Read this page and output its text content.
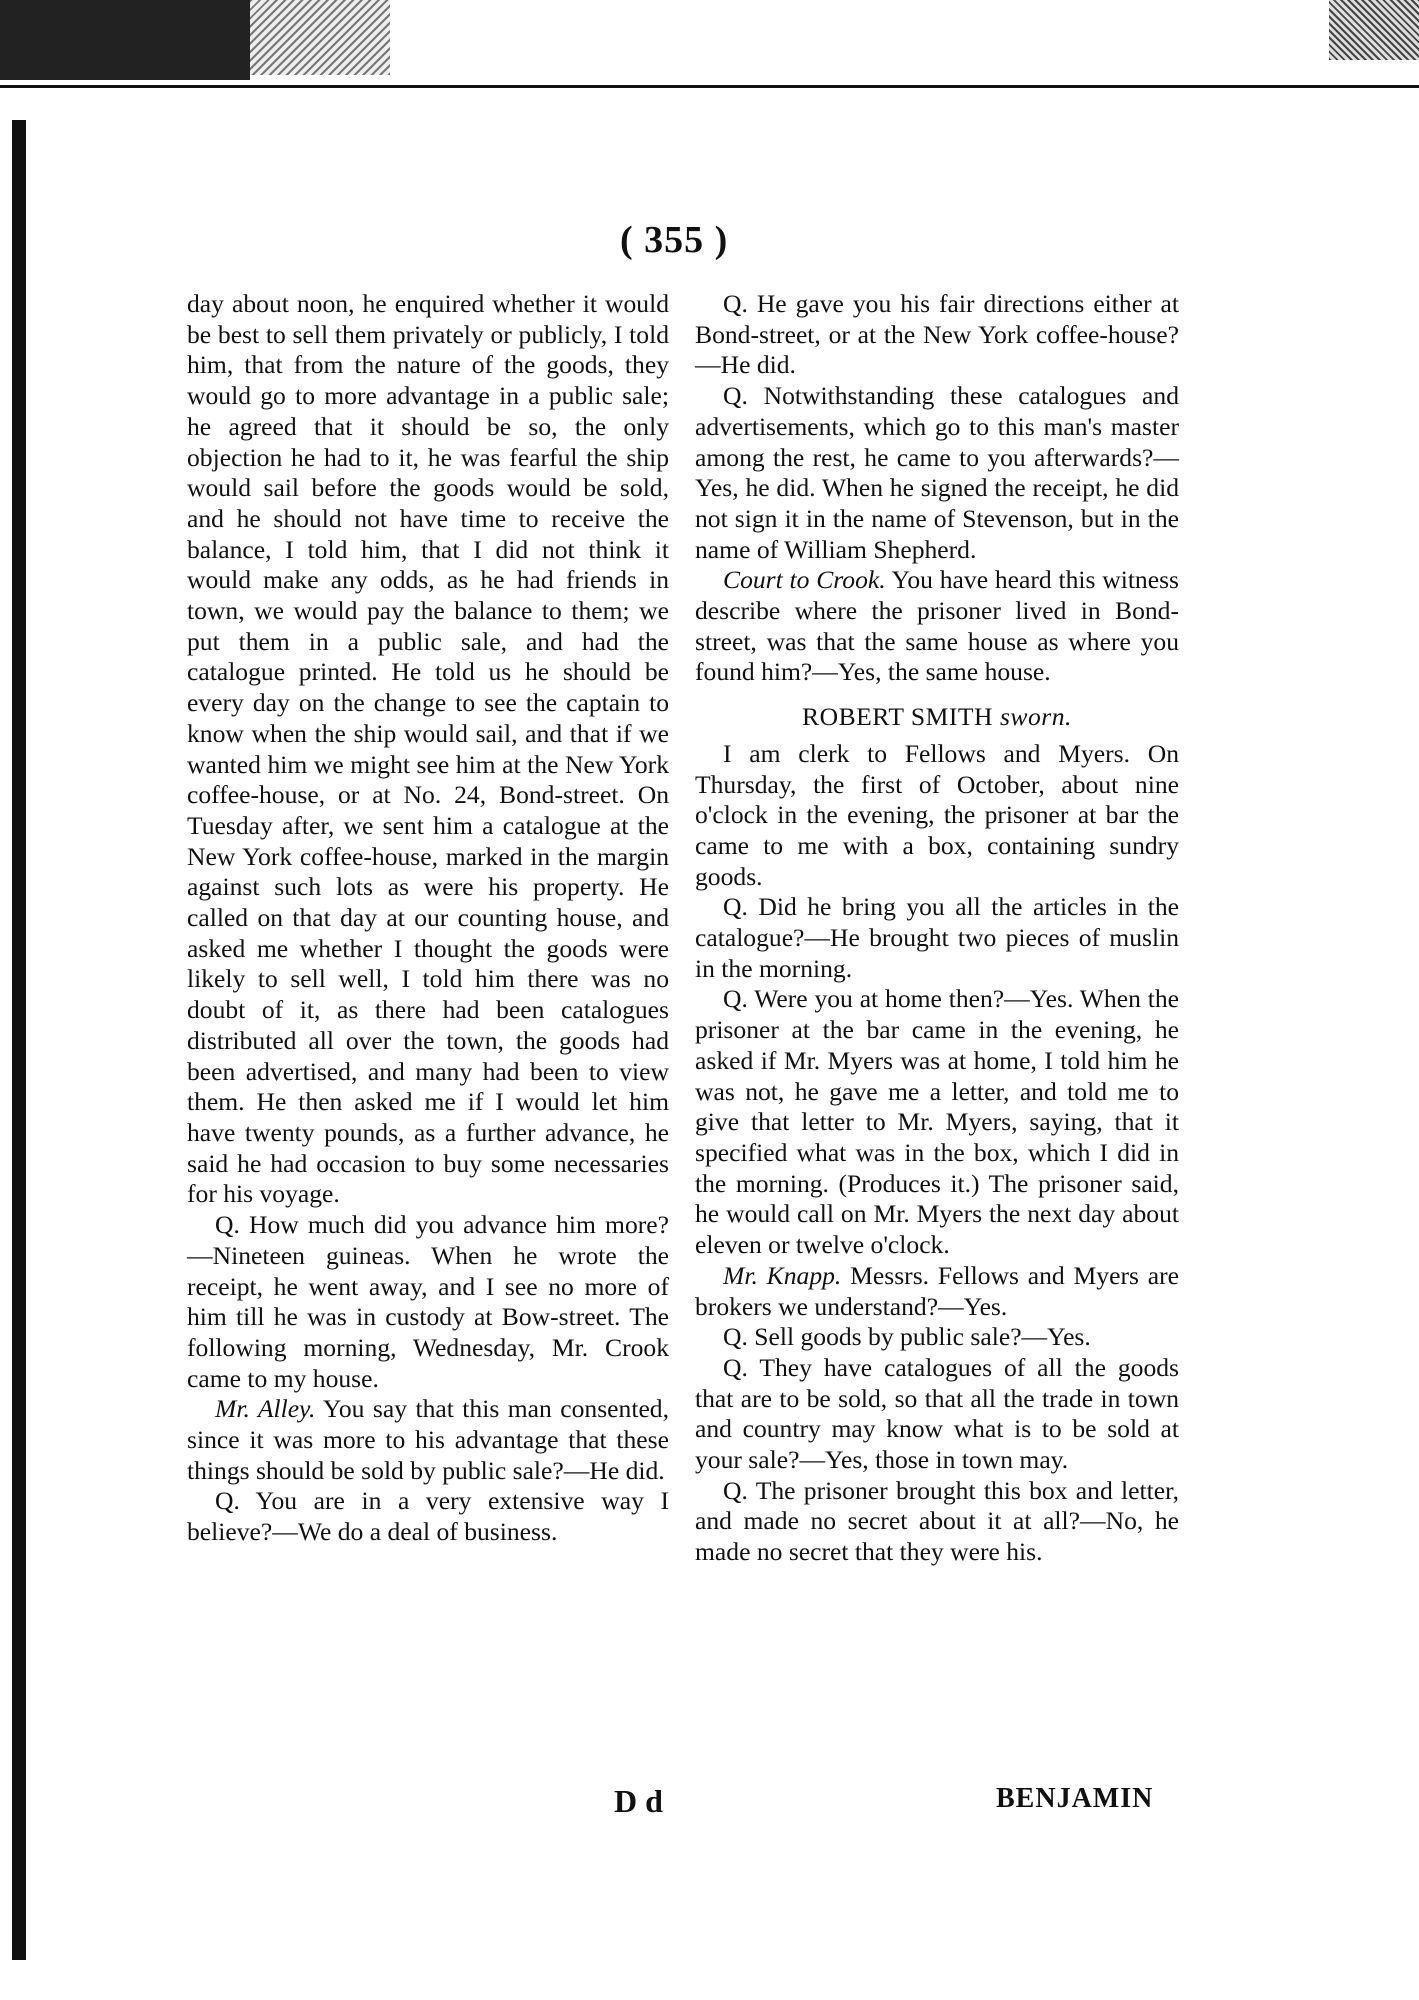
( 355 )

day about noon, he enquired whether it would be best to sell them privately or publicly, I told him, that from the nature of the goods, they would go to more advantage in a public sale; he agreed that it should be so, the only objection he had to it, he was fearful the ship would sail before the goods would be sold, and he should not have time to receive the balance, I told him, that I did not think it would make any odds, as he had friends in town, we would pay the balance to them; we put them in a public sale, and had the catalogue printed. He told us he should be every day on the change to see the captain to know when the ship would sail, and that if we wanted him we might see him at the New York coffee-house, or at No. 24, Bond-street. On Tuesday after, we sent him a catalogue at the New York coffee-house, marked in the margin against such lots as were his property. He called on that day at our counting house, and asked me whether I thought the goods were likely to sell well, I told him there was no doubt of it, as there had been catalogues distributed all over the town, the goods had been advertised, and many had been to view them. He then asked me if I would let him have twenty pounds, as a further advance, he said he had occasion to buy some necessaries for his voyage.

Q. How much did you advance him more?—Nineteen guineas. When he wrote the receipt, he went away, and I see no more of him till he was in custody at Bow-street. The following morning, Wednesday, Mr. Crook came to my house.

Mr. Alley. You say that this man consented, since it was more to his advantage that these things should be sold by public sale?—He did.

Q. You are in a very extensive way I believe?—We do a deal of business.

Q. He gave you his fair directions either at Bond-street, or at the New York coffee-house?—He did.

Q. Notwithstanding these catalogues and advertisements, which go to this man's master among the rest, he came to you afterwards?—Yes, he did. When he signed the receipt, he did not sign it in the name of Stevenson, but in the name of William Shepherd.

Court to Crook. You have heard this witness describe where the prisoner lived in Bond-street, was that the same house as where you found him?—Yes, the same house.

ROBERT SMITH sworn.

I am clerk to Fellows and Myers. On Thursday, the first of October, about nine o'clock in the evening, the prisoner at bar the came to me with a box, containing sundry goods.

Q. Did he bring you all the articles in the catalogue?—He brought two pieces of muslin in the morning.

Q. Were you at home then?—Yes. When the prisoner at the bar came in the evening, he asked if Mr. Myers was at home, I told him he was not, he gave me a letter, and told me to give that letter to Mr. Myers, saying, that it specified what was in the box, which I did in the morning. (Produces it.) The prisoner said, he would call on Mr. Myers the next day about eleven or twelve o'clock.

Mr. Knapp. Messrs. Fellows and Myers are brokers we understand?—Yes.

Q. Sell goods by public sale?—Yes.

Q. They have catalogues of all the goods that are to be sold, so that all the trade in town and country may know what is to be sold at your sale?—Yes, those in town may.

Q. The prisoner brought this box and letter, and made no secret about it at all?—No, he made no secret that they were his.

D d	BENJAMIN
